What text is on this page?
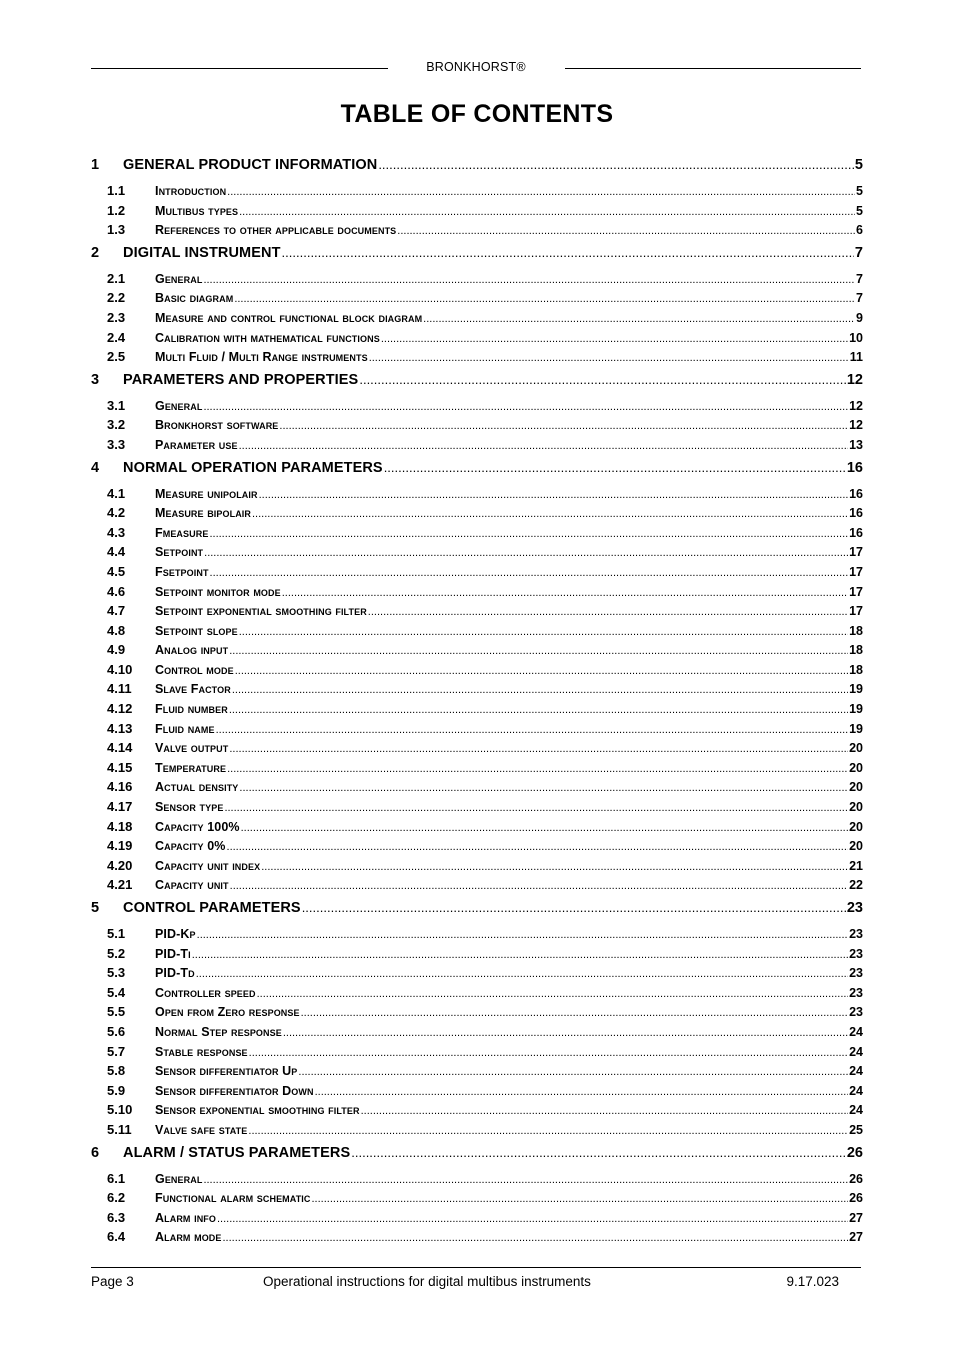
BRONKHORST®
TABLE OF CONTENTS
1	GENERAL PRODUCT INFORMATION .....	5
1.1	Introduction .....	5
1.2	Multibus types .....	5
1.3	References to other applicable documents .....	6
2	DIGITAL INSTRUMENT .....	7
2.1	General .....	7
2.2	Basic diagram .....	7
2.3	Measure and control functional block diagram .....	9
2.4	Calibration with mathematical functions .....	10
2.5	Multi Fluid / Multi Range instruments .....	11
3	PARAMETERS AND PROPERTIES .....	12
3.1	General .....	12
3.2	Bronkhorst software .....	12
3.3	Parameter use .....	13
4	NORMAL OPERATION PARAMETERS .....	16
4.1	Measure unipolair .....	16
4.2	Measure bipolair .....	16
4.3	Fmeasure .....	16
4.4	Setpoint .....	17
4.5	Fsetpoint .....	17
4.6	Setpoint monitor mode .....	17
4.7	Setpoint exponential smoothing filter .....	17
4.8	Setpoint slope .....	18
4.9	Analog input .....	18
4.10	Control mode .....	18
4.11	Slave Factor .....	19
4.12	Fluid number .....	19
4.13	Fluid name .....	19
4.14	Valve output .....	20
4.15	Temperature .....	20
4.16	Actual density .....	20
4.17	Sensor type .....	20
4.18	Capacity 100% .....	20
4.19	Capacity 0% .....	20
4.20	Capacity unit index .....	21
4.21	Capacity unit .....	22
5	CONTROL PARAMETERS .....	23
5.1	PID-Kp .....	23
5.2	PID-Ti .....	23
5.3	PID-Td .....	23
5.4	Controller speed .....	23
5.5	Open from Zero response .....	23
5.6	Normal Step response .....	24
5.7	Stable response .....	24
5.8	Sensor differentiator Up .....	24
5.9	Sensor differentiator Down .....	24
5.10	Sensor exponential smoothing filter .....	24
5.11	Valve safe state .....	25
6	ALARM / STATUS PARAMETERS .....	26
6.1	General .....	26
6.2	Functional alarm schematic .....	26
6.3	Alarm info .....	27
6.4	Alarm mode .....	27
Page 3	Operational instructions for digital multibus instruments	9.17.023
